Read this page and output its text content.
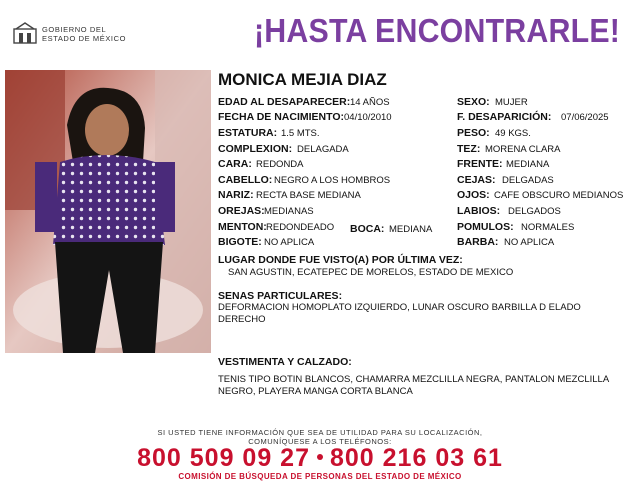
GOBIERNO DEL
ESTADO DE MÉXICO	¡HASTA ENCONTRARLE!
MONICA MEJIA DIAZ
EDAD AL DESAPARECER: 14 AÑOS
FECHA DE NACIMIENTO: 04/10/2010
ESTATURA: 1.5 MTS.
COMPLEXION: DELAGADA
CARA: REDONDA
CABELLO: NEGRO A LOS HOMBROS
NARIZ: RECTA BASE MEDIANA
OREJAS: MEDIANAS
MENTON: REDONDEADO BOCA: MEDIANA
BIGOTE: NO APLICA
SEXO: MUJER
F. DESAPARICIÓN: 07/06/2025
PESO: 49 KGS.
TEZ: MORENA CLARA
FRENTE: MEDIANA
CEJAS: DELGADAS
OJOS: CAFE OBSCURO MEDIANOS
LABIOS: DELGADOS
POMULOS: NORMALES
BARBA: NO APLICA
LUGAR DONDE FUE VISTO(A) POR ÚLTIMA VEZ:
SAN AGUSTIN, ECATEPEC DE MORELOS, ESTADO DE MEXICO
SENAS PARTICULARES:
DEFORMACION HOMOPLATO IZQUIERDO, LUNAR OSCURO BARBILLA D ELADO DERECHO
VESTIMENTA Y CALZADO:
TENIS TIPO BOTIN BLANCOS, CHAMARRA MEZCLILLA NEGRA, PANTALON MEZCLILLA NEGRO, PLAYERA MANGA CORTA BLANCA
SI USTED TIENE INFORMACIÓN QUE SEA DE UTILIDAD PARA SU LOCALIZACIÓN,
COMUNÍQUESE A LOS TELÉFONOS:
800 509 09 27 800 216 03 61
COMISIÓN DE BÚSQUEDA DE PERSONAS DEL ESTADO DE MÉXICO
